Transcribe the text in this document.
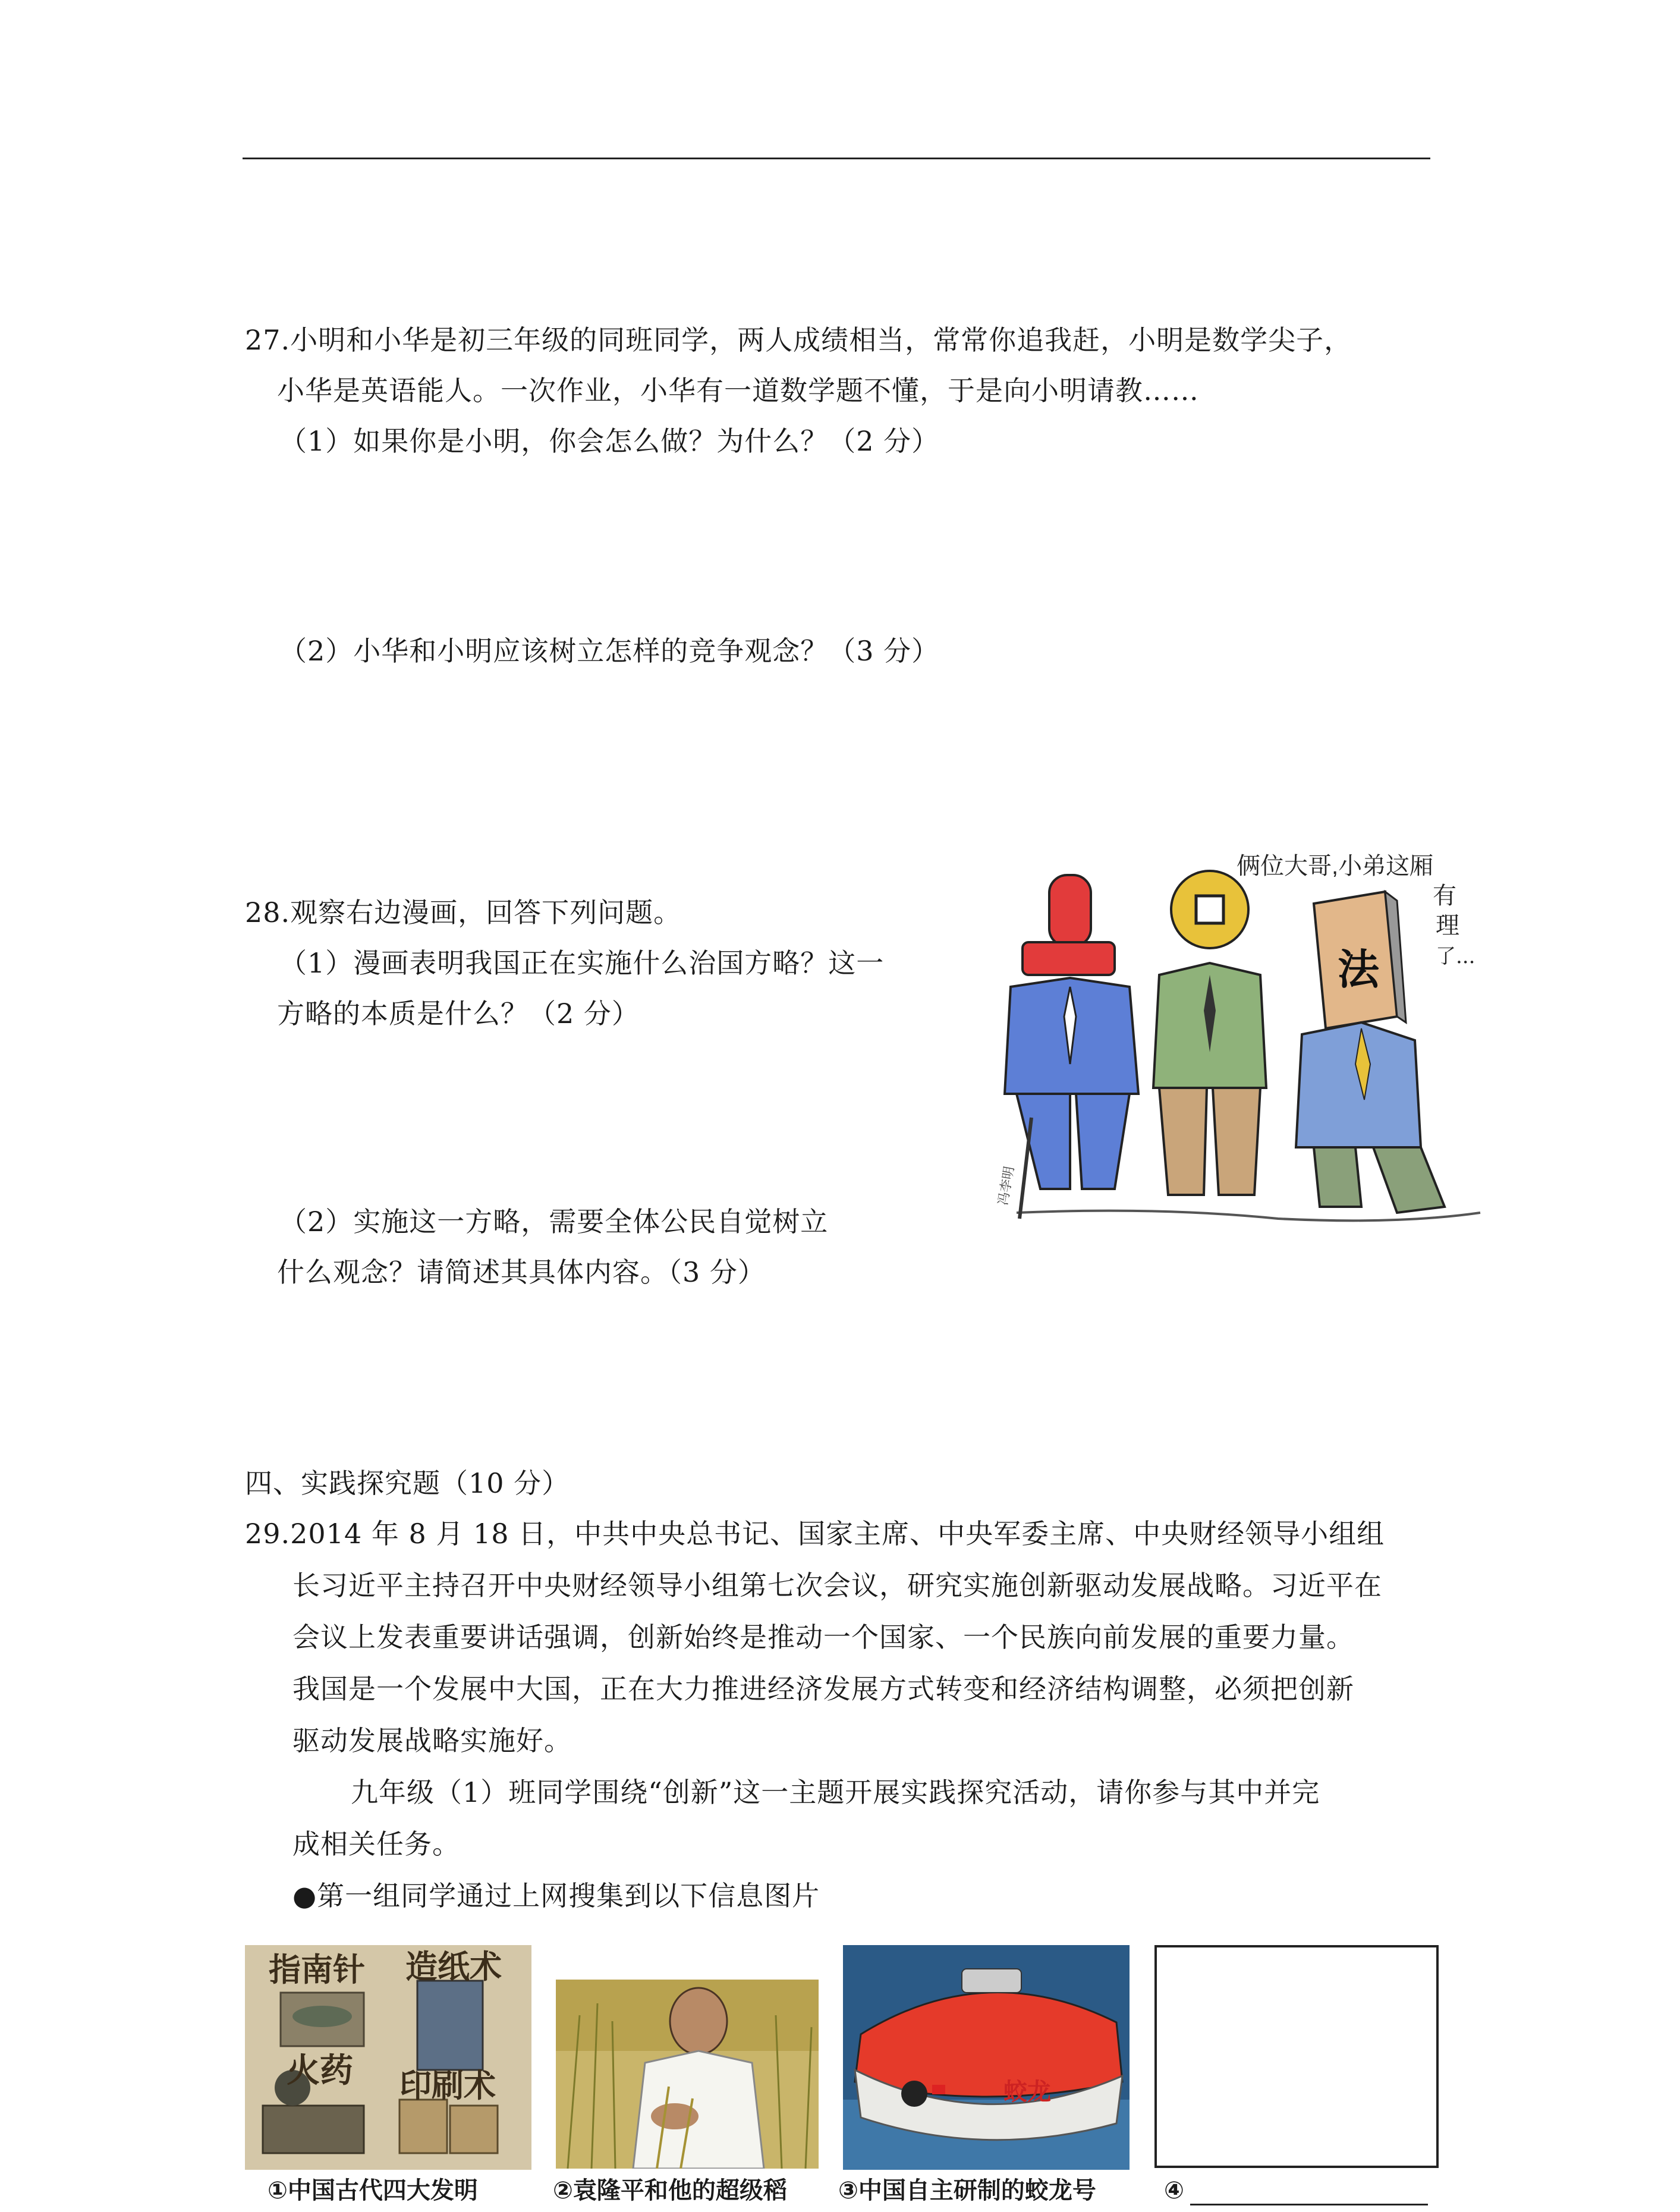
27.小明和小华是初三年级的同班同学，两人成绩相当，常常你追我赶，小明是数学尖子，
小华是英语能人。一次作业，小华有一道数学题不懂，于是向小明请教……
（1）如果你是小明，你会怎么做？为什么？（2 分）
（2）小华和小明应该树立怎样的竞争观念？（3 分）
28.观察右边漫画，回答下列问题。
（1）漫画表明我国正在实施什么治国方略？这一
方略的本质是什么？（2 分）
（2）实施这一方略，需要全体公民自觉树立
什么观念？请简述其具体内容。（3 分）
冯李明
法
俩位大哥,小弟这厢
有
理
了...
四、实践探究题（10 分）
29.2014 年 8 月 18 日，中共中央总书记、国家主席、中央军委主席、中央财经领导小组组
长习近平主持召开中央财经领导小组第七次会议，研究实施创新驱动发展战略。习近平在
会议上发表重要讲话强调，创新始终是推动一个国家、一个民族向前发展的重要力量。
我国是一个发展中大国，正在大力推进经济发展方式转变和经济结构调整，必须把创新
驱动发展战略实施好。
九年级（1）班同学围绕“创新”这一主题开展实践探究活动，请你参与其中并完
成相关任务。
●第一组同学通过上网搜集到以下信息图片
指南针 造纸术
火药 印刷术	蛟龙
①中国古代四大发明	②袁隆平和他的超级稻 ③中国自主研制的蛟龙号	④
